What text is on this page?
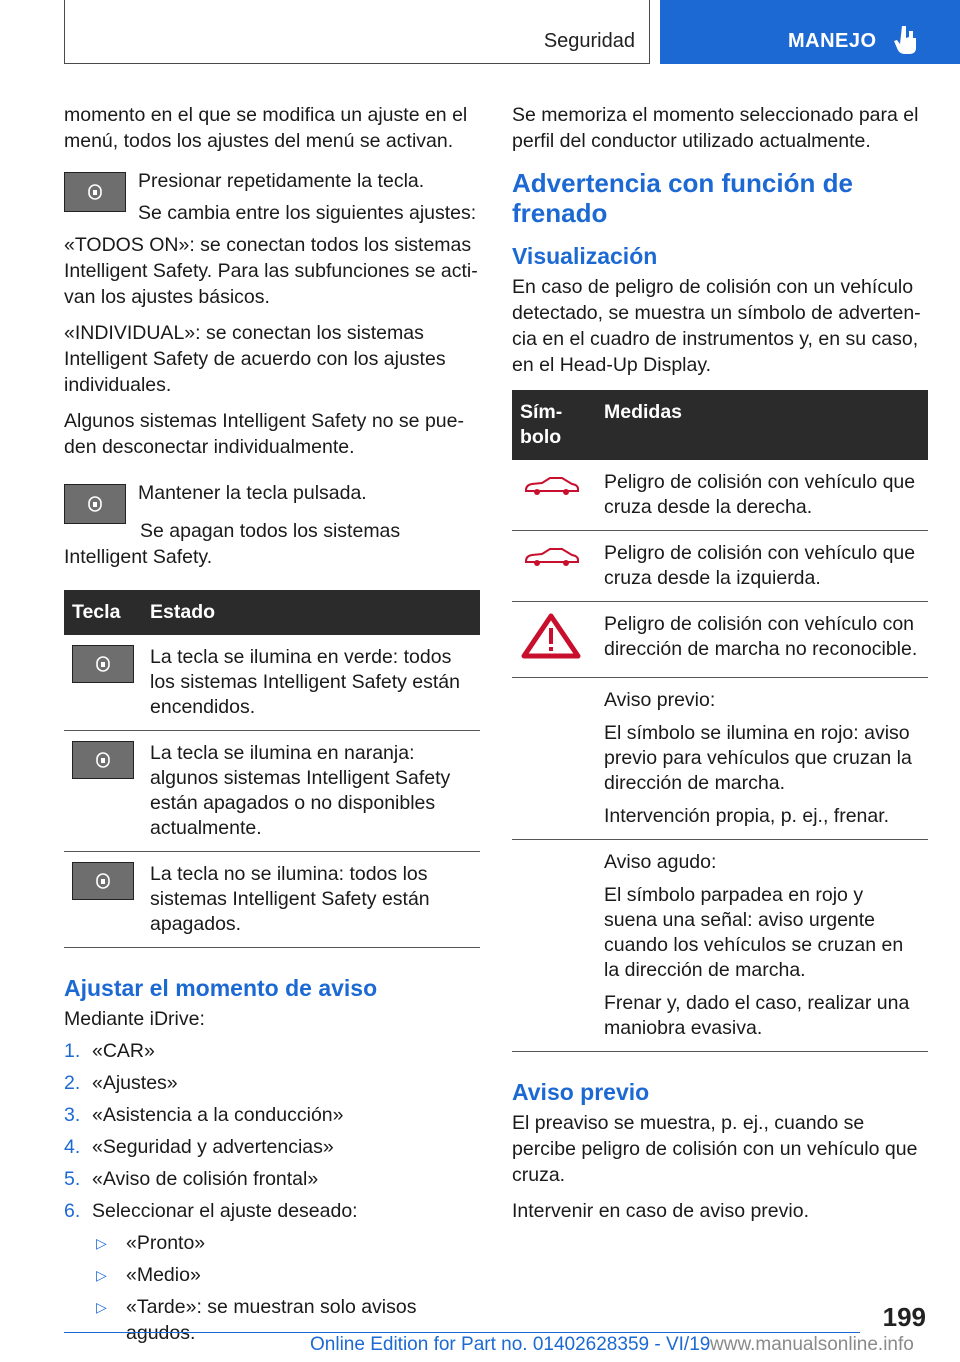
Seguridad	MANEJO

momento en el que se modifica un ajuste en el menú, todos los ajustes del menú se activan.

Presionar repetidamente la tecla.

Se cambia entre los siguientes ajustes:

«TODOS ON»: se conectan todos los sistemas Intelligent Safety. Para las subfunciones se activan los ajustes básicos.

«INDIVIDUAL»: se conectan los sistemas Intelligent Safety de acuerdo con los ajustes individuales.

Algunos sistemas Intelligent Safety no se pueden desconectar individualmente.

Mantener la tecla pulsada.

Se apagan todos los sistemas Intelligent Safety.

Tecla	Estado

	La tecla se ilumina en verde: todos los sistemas Intelligent Safety están encendidos.

	La tecla se ilumina en naranja: algunos sistemas Intelligent Safety están apagados o no disponibles actualmente.

	La tecla no se ilumina: todos los sistemas Intelligent Safety están apagados.
Ajustar el momento de aviso

Mediante iDrive:

1. «CAR»
2. «Ajustes»
3. «Asistencia a la conducción»
4. «Seguridad y advertencias»
5. «Aviso de colisión frontal»
6. Seleccionar el ajuste deseado:
▷ «Pronto»
▷ «Medio»
▷ «Tarde»: se muestran solo avisos agudos.

Se memoriza el momento seleccionado para el perfil del conductor utilizado actualmente.

Advertencia con función de frenado
Visualización

En caso de peligro de colisión con un vehículo detectado, se muestra un símbolo de advertencia en el cuadro de instrumentos y, en su caso, en el Head-Up Display.

Símbolo	Medidas
	Peligro de colisión con vehículo que cruza desde la derecha.
	Peligro de colisión con vehículo que cruza desde la izquierda.
	Peligro de colisión con vehículo con dirección de marcha no reconocible.

	Aviso previo:

El símbolo se ilumina en rojo: aviso previo para vehículos que cruzan la dirección de marcha.

Intervención propia, p. ej., frenar.

	Aviso agudo:

El símbolo parpadea en rojo y suena una señal: aviso urgente cuando los vehículos se cruzan en la dirección de marcha.

Frenar y, dado el caso, realizar una maniobra evasiva.

Aviso previo

El preaviso se muestra, p. ej., cuando se percibe peligro de colisión con un vehículo que cruza.

Intervenir en caso de aviso previo.

199
Online Edition for Part no. 01402628359 - VI/19 www.manualsonline.info
